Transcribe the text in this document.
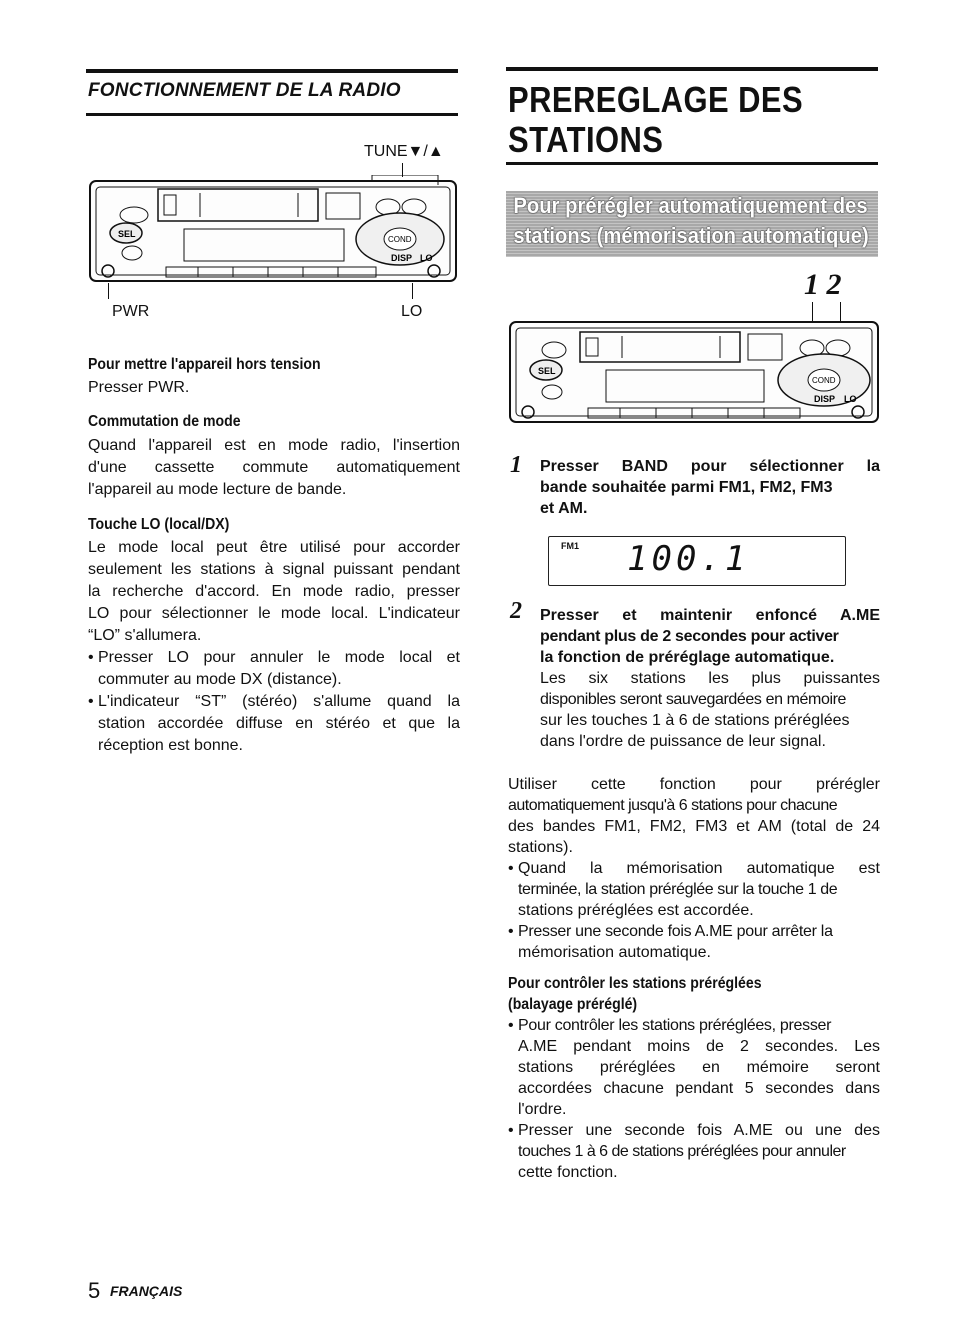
FONCTIONNEMENT DE LA RADIO
TUNE▼/▲
SEL
COND
DISP LO
PWR	LO
Pour mettre l'appareil hors tension
Presser PWR.
Commutation de mode
Quand l'appareil est en mode radio, l'insertion
d'une cassette commute automatiquement
l'appareil au mode lecture de bande.
Touche LO (local/DX)
Le mode local peut être utilisé pour accorder
seulement les stations à signal puissant pendant
la recherche d'accord. En mode radio, presser
LO pour sélectionner le mode local. L'indicateur
“LO” s'allumera.
• Presser LO pour annuler le mode local et
commuter au mode DX (distance).
• L'indicateur “ST” (stéréo) s'allume quand la
station accordée diffuse en stéréo et que la
réception est bonne.
PREREGLAGE DES
STATIONS
Pour prérégler automatiquement des
stations (mémorisation automatique)
1 2
SEL
COND
DISP LO
1 Presser BAND pour sélectionner la
bande souhaitée parmi FM1, FM2, FM3
et AM.
FM1 100.1
2 Presser et maintenir enfoncé A.ME
pendant plus de 2 secondes pour activer
la fonction de préréglage automatique.
Les six stations les plus puissantes
disponibles seront sauvegardées en mémoire
sur les touches 1 à 6 de stations préréglées
dans l'ordre de puissance de leur signal.
Utiliser cette fonction pour prérégler
automatiquement jusqu'à 6 stations pour chacune
des bandes FM1, FM2, FM3 et AM (total de 24
stations).
• Quand la mémorisation automatique est
terminée, la station préréglée sur la touche 1 de
stations préréglées est accordée.
• Presser une seconde fois A.ME pour arrêter la
mémorisation automatique.
Pour contrôler les stations préréglées
(balayage préréglé)
• Pour contrôler les stations préréglées, presser
A.ME pendant moins de 2 secondes. Les
stations préréglées en mémoire seront
accordées chacune pendant 5 secondes dans
l'ordre.
• Presser une seconde fois A.ME ou une des
touches 1 à 6 de stations préréglées pour annuler
cette fonction.
5 FRANÇAIS
